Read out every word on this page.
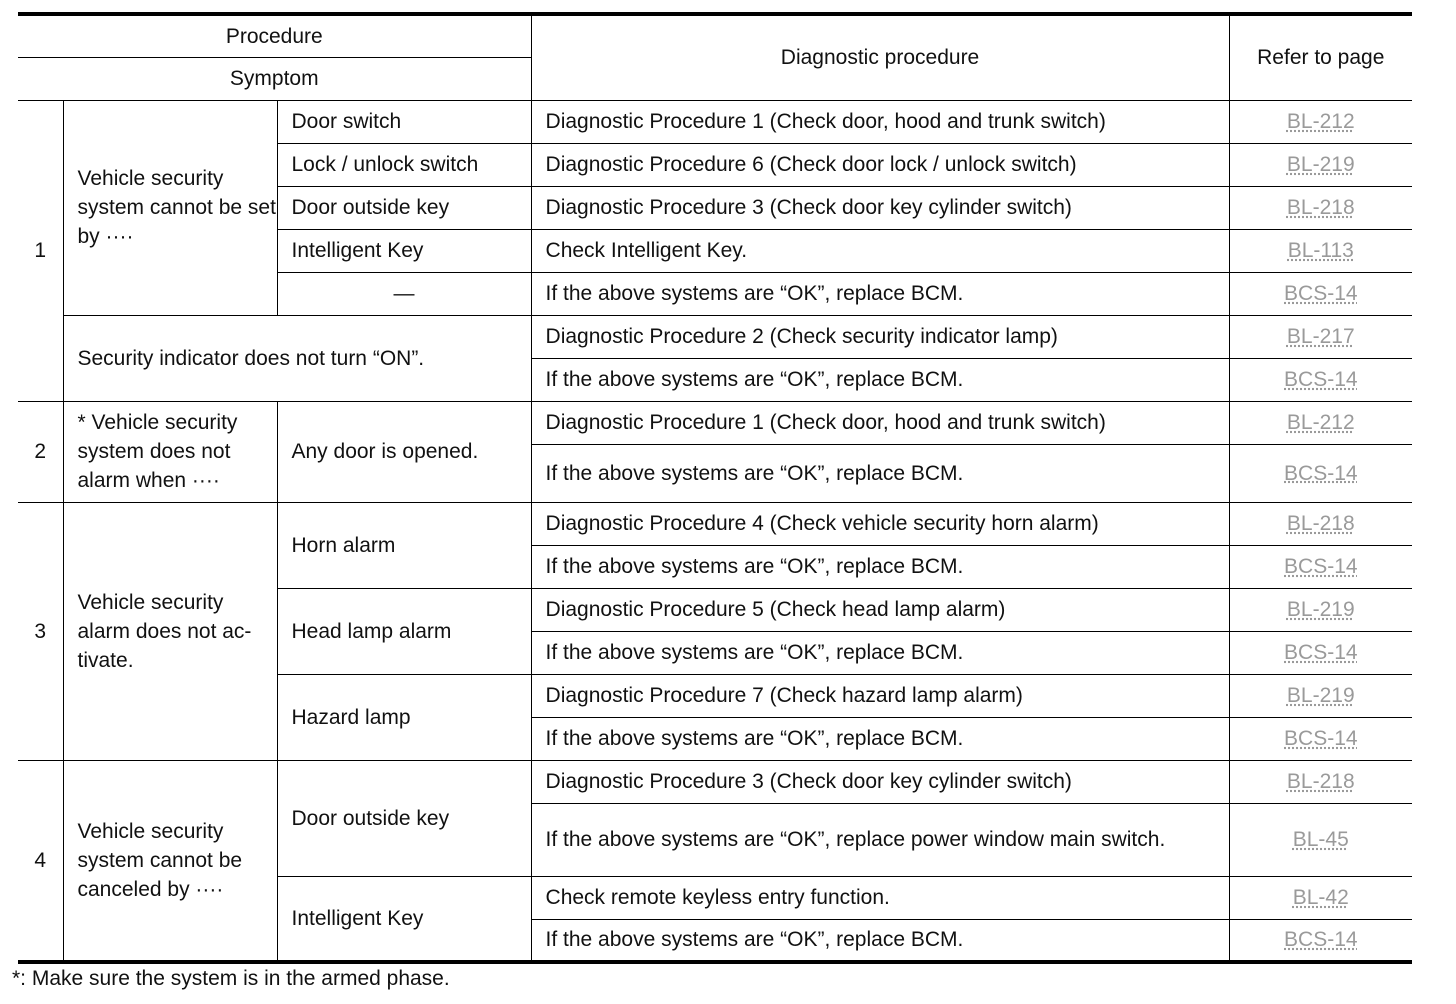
Procedure			Diagnostic procedure	Refer to page
Symptom				
1	Vehicle security system cannot be set by ····	Door switch	Diagnostic Procedure 1 (Check door, hood and trunk switch)	BL-212
		Lock / unlock switch	Diagnostic Procedure 6 (Check door lock / unlock switch)	BL-219
		Door outside key	Diagnostic Procedure 3 (Check door key cylinder switch)	BL-218
		Intelligent Key	Check Intelligent Key.	BL-113
		—	If the above systems are “OK”, replace BCM.	BCS-14
	Security indicator does not turn “ON”.		Diagnostic Procedure 2 (Check security indicator lamp)	BL-217
			If the above systems are “OK”, replace BCM.	BCS-14
2	* Vehicle security system does not alarm when ····	Any door is opened.	Diagnostic Procedure 1 (Check door, hood and trunk switch)	BL-212
			If the above systems are “OK”, replace BCM.	BCS-14
3	Vehicle security alarm does not ac-tivate.	Horn alarm	Diagnostic Procedure 4 (Check vehicle security horn alarm)	BL-218
			If the above systems are “OK”, replace BCM.	BCS-14
		Head lamp alarm	Diagnostic Procedure 5 (Check head lamp alarm)	BL-219
			If the above systems are “OK”, replace BCM.	BCS-14
		Hazard lamp	Diagnostic Procedure 7 (Check hazard lamp alarm)	BL-219
			If the above systems are “OK”, replace BCM.	BCS-14
4	Vehicle security system cannot be canceled by ····	Door outside key	Diagnostic Procedure 3 (Check door key cylinder switch)	BL-218
			If the above systems are “OK”, replace power window main switch.	BL-45
		Intelligent Key	Check remote keyless entry function.	BL-42
			If the above systems are “OK”, replace BCM.	BCS-14
*: Make sure the system is in the armed phase.
